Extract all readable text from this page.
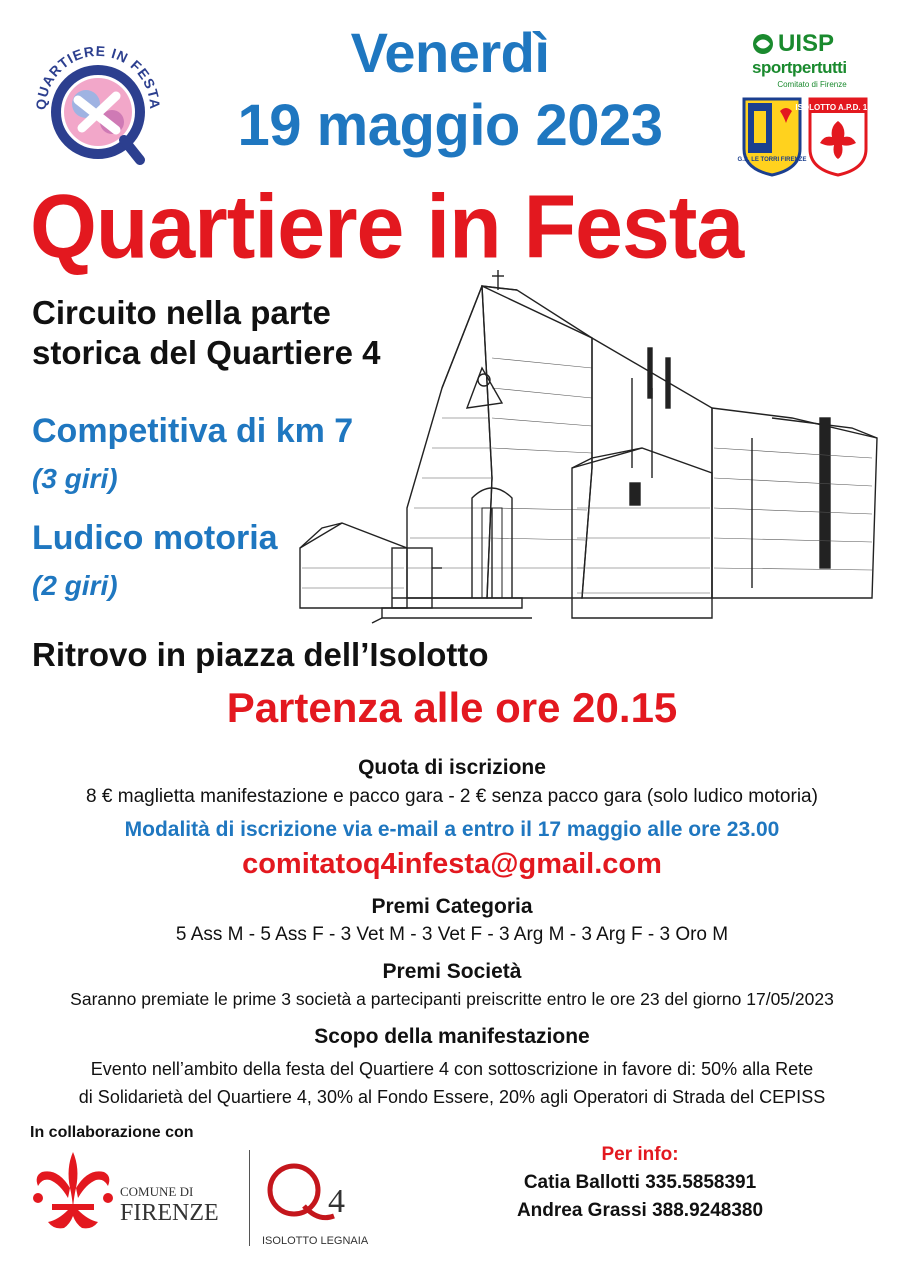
QUARTIERE IN FESTA
Venerdì
19 maggio 2023
UISP
sportpertutti
Comitato di Firenze
G.S. LE TORRI FIRENZE
ISOLOTTO A.P.D. 1980
Quartiere in Festa
Circuito nella parte
storica del Quartiere 4
Competitiva di km 7
(3 giri)
Ludico motoria
(2 giri)
Ritrovo in piazza dell’Isolotto
Partenza alle ore 20.15
Quota di iscrizione
8 € maglietta manifestazione e pacco gara - 2 € senza pacco gara (solo ludico motoria)
Modalità di iscrizione via e-mail a entro il 17 maggio alle ore 23.00
comitatoq4infesta@gmail.com
Premi Categoria
5 Ass M - 5 Ass F - 3 Vet M - 3 Vet F - 3 Arg M - 3 Arg F - 3 Oro M
Premi Società
Saranno premiate le prime 3 società a partecipanti preiscritte entro le ore 23 del giorno 17/05/2023
Scopo della manifestazione
Evento nell’ambito della festa del Quartiere 4 con sottoscrizione in favore di: 50% alla Rete
di Solidarietà del Quartiere 4, 30% al Fondo Essere, 20% agli Operatori di Strada del CEPISS
In collaborazione con
COMUNE DI
FIRENZE	4
ISOLOTTO LEGNAIA
Per info:
Catia Ballotti 335.5858391
Andrea Grassi 388.9248380
